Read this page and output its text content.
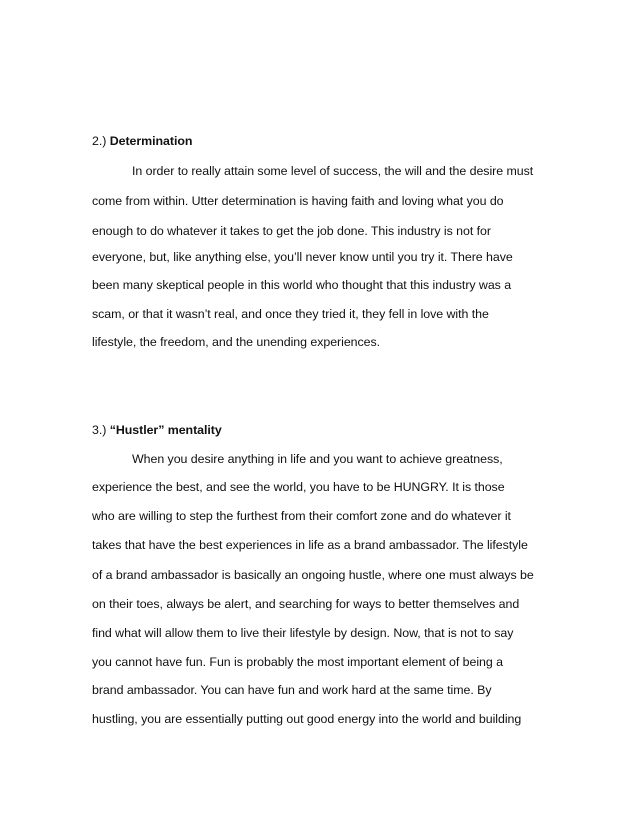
2.) Determination
In order to really attain some level of success, the will and the desire must
come from within. Utter determination is having faith and loving what you do
enough to do whatever it takes to get the job done. This industry is not for
everyone, but, like anything else, you’ll never know until you try it. There have
been many skeptical people in this world who thought that this industry was a
scam, or that it wasn’t real, and once they tried it, they fell in love with the
lifestyle, the freedom, and the unending experiences.
3.) “Hustler” mentality
When you desire anything in life and you want to achieve greatness,
experience the best, and see the world, you have to be HUNGRY. It is those
who are willing to step the furthest from their comfort zone and do whatever it
takes that have the best experiences in life as a brand ambassador. The lifestyle
of a brand ambassador is basically an ongoing hustle, where one must always be
on their toes, always be alert, and searching for ways to better themselves and
find what will allow them to live their lifestyle by design. Now, that is not to say
you cannot have fun. Fun is probably the most important element of being a
brand ambassador. You can have fun and work hard at the same time. By
hustling, you are essentially putting out good energy into the world and building
